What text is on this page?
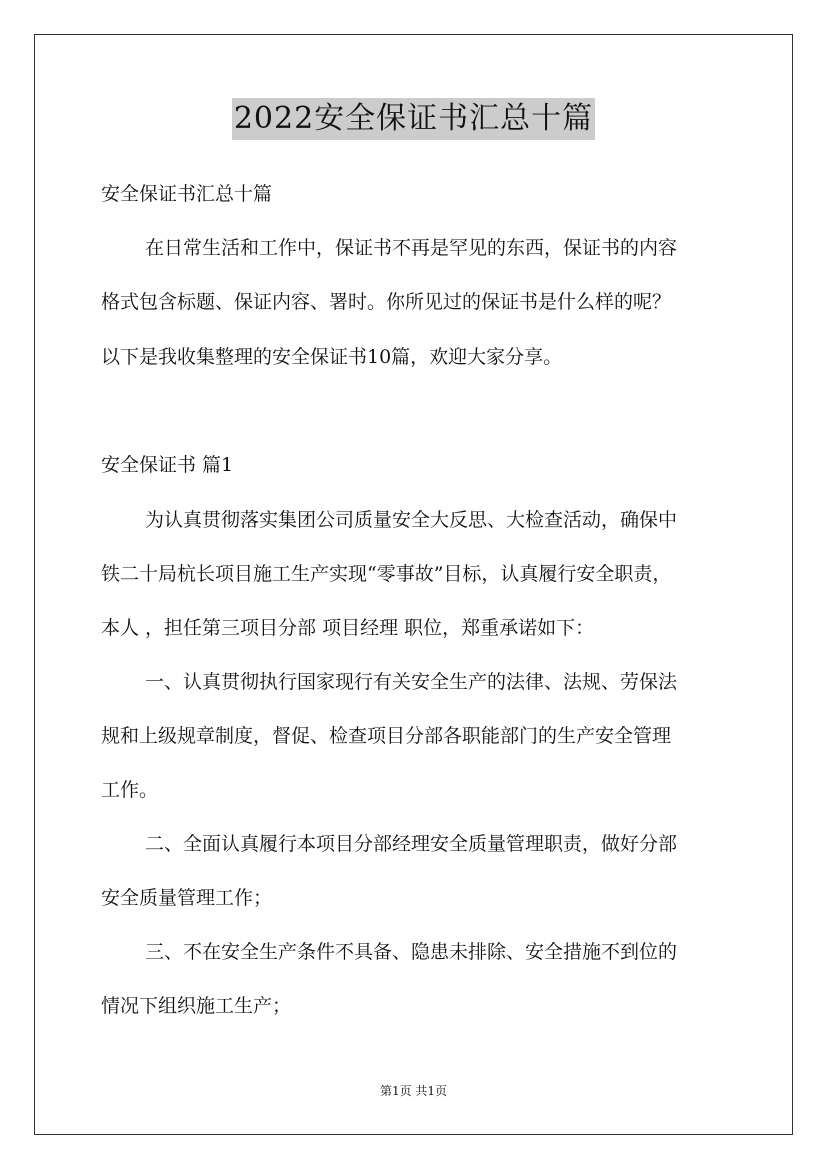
2022安全保证书汇总十篇
安全保证书汇总十篇
在日常生活和工作中，保证书不再是罕见的东西，保证书的内容
格式包含标题、保证内容、署时。你所见过的保证书是什么样的呢？
以下是我收集整理的安全保证书10篇，欢迎大家分享。
安全保证书 篇1
为认真贯彻落实集团公司质量安全大反思、大检查活动，确保中
铁二十局杭长项目施工生产实现“零事故”目标，认真履行安全职责，
本人 ，担任第三项目分部 项目经理 职位，郑重承诺如下：
一、认真贯彻执行国家现行有关安全生产的法律、法规、劳保法
规和上级规章制度，督促、检查项目分部各职能部门的生产安全管理
工作。
二、全面认真履行本项目分部经理安全质量管理职责，做好分部
安全质量管理工作；
三、不在安全生产条件不具备、隐患未排除、安全措施不到位的
情况下组织施工生产；
第1页 共1页
